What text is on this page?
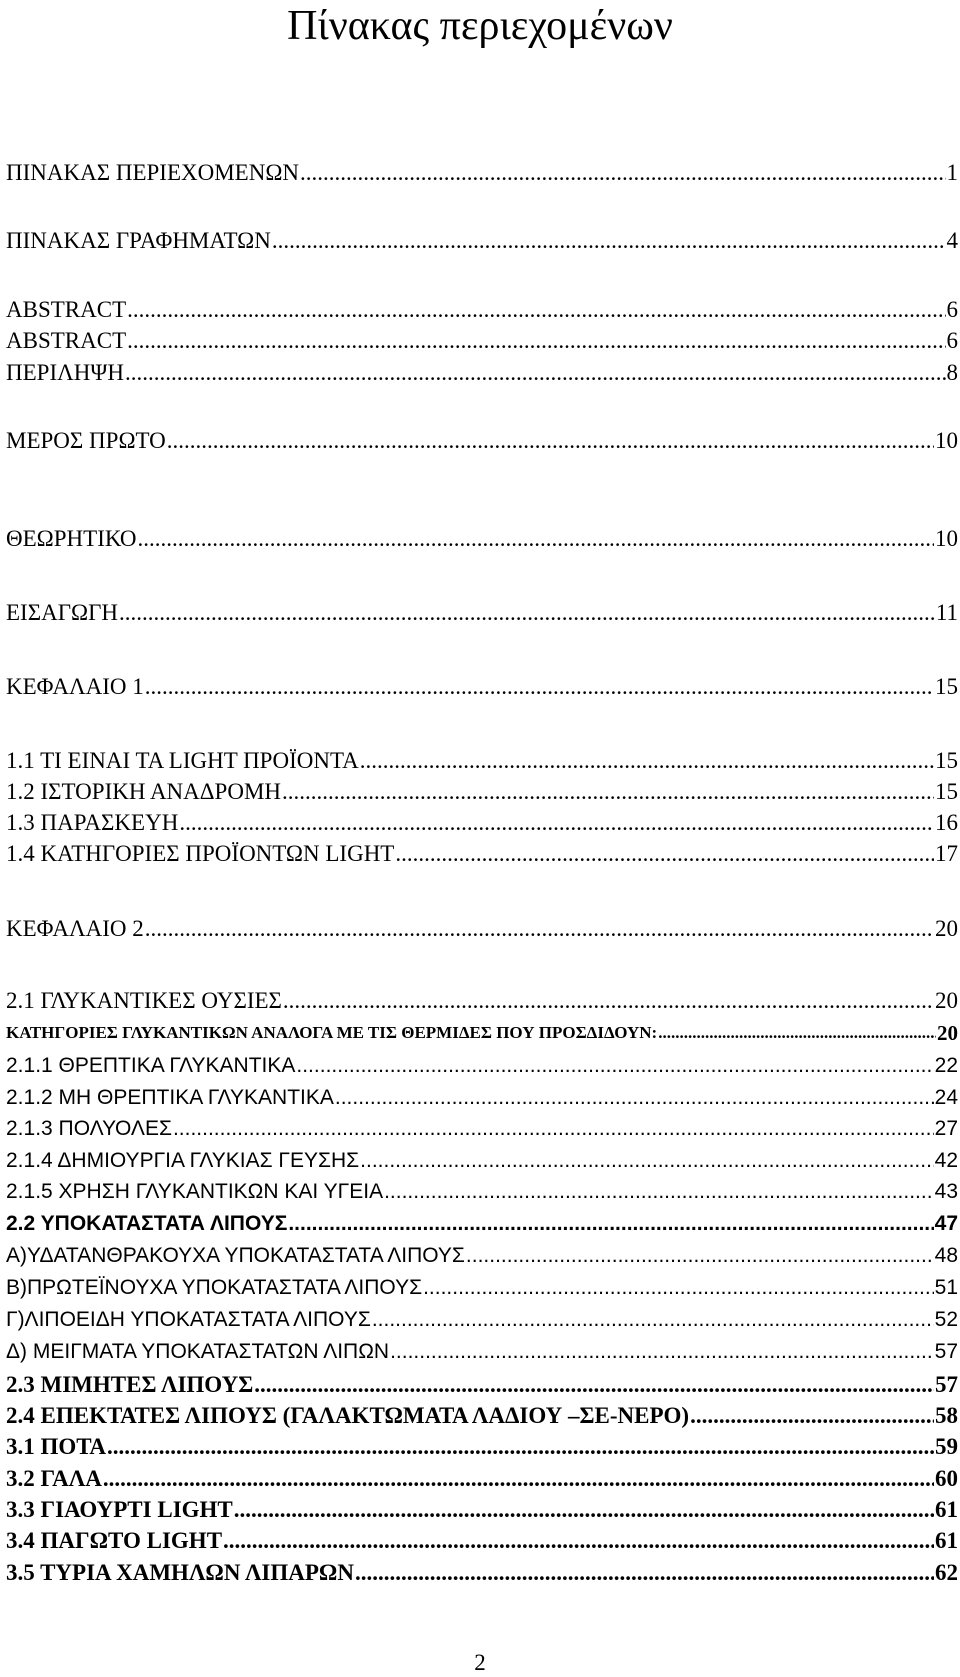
Πίνακας περιεχομένων
ΠΙΝΑΚΑΣ ΠΕΡΙΕΧΟΜΕΝΩΝ .....	1
ΠΙΝΑΚΑΣ ΓΡΑΦΗΜΑΤΩΝ .....	4
ABSTRACT .....	6
ABSTRACT .....	6
ΠΕΡΙΛΗΨΗ .....	8
ΜΕΡΟΣ ΠΡΩΤΟ .....	10
ΘΕΩΡΗΤΙΚΟ .....	10
ΕΙΣΑΓΩΓΗ .....	11
ΚΕΦΑΛΑΙΟ 1 .....	15
1.1 ΤΙ ΕΙΝΑΙ ΤΑ LIGHT ΠΡΟΪΟΝΤΑ .....	15
1.2 ΙΣΤΟΡΙΚΗ ΑΝΑΔΡΟΜΗ .....	15
1.3 ΠΑΡΑΣΚΕΥΗ .....	16
1.4 ΚΑΤΗΓΟΡΙΕΣ ΠΡΟΪΟΝΤΩΝ LIGHT .....	17
ΚΕΦΑΛΑΙΟ 2 .....	20
2.1 ΓΛΥΚΑΝΤΙΚΕΣ ΟΥΣΙΕΣ .....	20
ΚΑΤΗΓΟΡΙΕΣ ΓΛΥΚΑΝΤΙΚΩΝ ΑΝΑΛΟΓΑ ΜΕ ΤΙΣ ΘΕΡΜΙΔΕΣ ΠΟΥ ΠΡΟΣΔΙΔΟΥΝ: .....	20
2.1.1 ΘΡΕΠΤΙΚΑ ΓΛΥΚΑΝΤΙΚΑ .....	22
2.1.2 ΜΗ ΘΡΕΠΤΙΚΑ ΓΛΥΚΑΝΤΙΚΑ .....	24
2.1.3 ΠΟΛΥΟΛΕΣ .....	27
2.1.4 ΔΗΜΙΟΥΡΓΙΑ ΓΛΥΚΙΑΣ ΓΕΥΣΗΣ .....	42
2.1.5 ΧΡΗΣΗ ΓΛΥΚΑΝΤΙΚΩΝ ΚΑΙ ΥΓΕΙΑ .....	43
2.2 ΥΠΟΚΑΤΑΣΤΑΤΑ ΛΙΠΟΥΣ .....	47
Α)ΥΔΑΤΑΝΘΡΑΚΟΥΧΑ ΥΠΟΚΑΤΑΣΤΑΤΑ ΛΙΠΟΥΣ .....	48
Β)ΠΡΩΤΕΪΝΟΥΧΑ ΥΠΟΚΑΤΑΣΤΑΤΑ ΛΙΠΟΥΣ .....	51
Γ)ΛΙΠΟΕΙΔΗ ΥΠΟΚΑΤΑΣΤΑΤΑ ΛΙΠΟΥΣ .....	52
Δ) ΜΕΙΓΜΑΤΑ ΥΠΟΚΑΤΑΣΤΑΤΩΝ ΛΙΠΩΝ .....	57
2.3 ΜΙΜΗΤΕΣ ΛΙΠΟΥΣ .....	57
2.4 ΕΠΕΚΤΑΤΕΣ ΛΙΠΟΥΣ (ΓΑΛΑΚΤΩΜΑΤΑ ΛΑΔΙΟΥ –ΣΕ-ΝΕΡΟ) .....	58
3.1 ΠΟΤΑ .....	59
3.2 ΓΑΛΑ .....	60
3.3 ΓΙΑΟΥΡΤΙ LIGHT .....	61
3.4 ΠΑΓΩΤΟ LIGHT .....	61
3.5 ΤΥΡΙΑ ΧΑΜΗΛΩΝ ΛΙΠΑΡΩΝ .....	62
2
